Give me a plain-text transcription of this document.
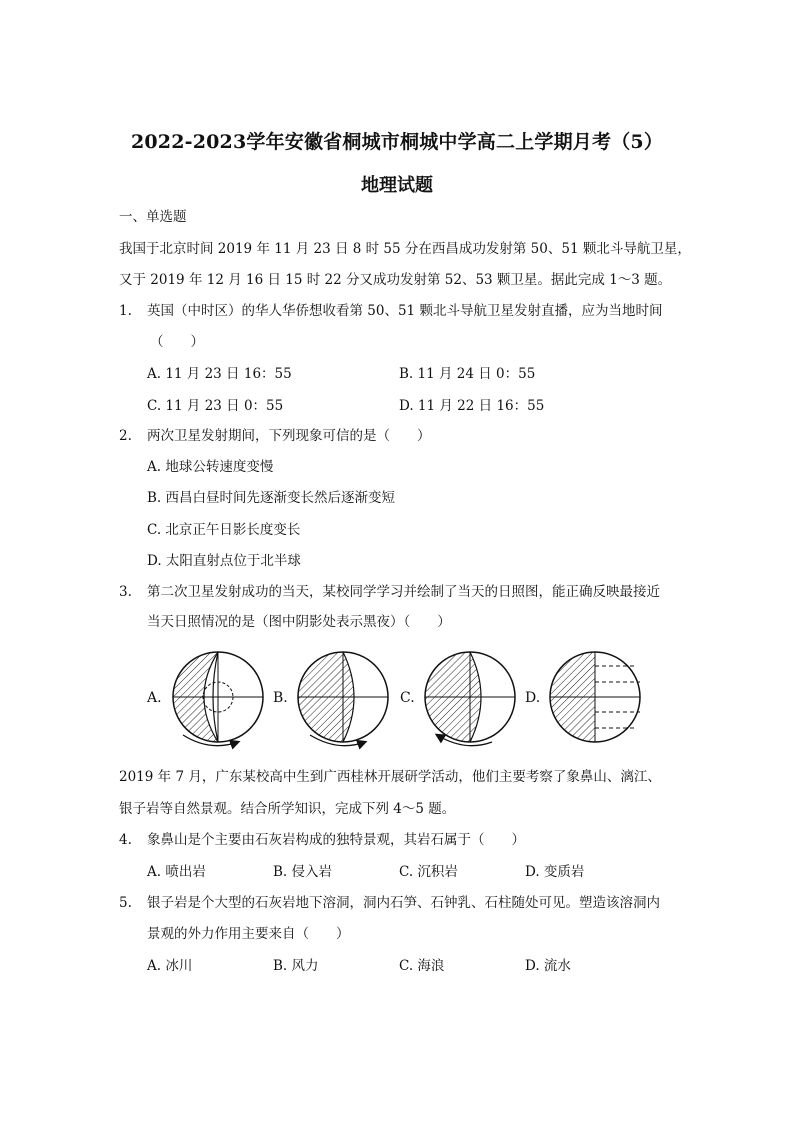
2022-2023学年安徽省桐城市桐城中学高二上学期月考（5）
地理试题
一、单选题
我国于北京时间 2019 年 11 月 23 日 8 时 55 分在西昌成功发射第 50、51 颗北斗导航卫星，
又于 2019 年 12 月 16 日 15 时 22 分又成功发射第 52、53 颗卫星。据此完成 1～3 题。
1. 英国（中时区）的华人华侨想收看第 50、51 颗北斗导航卫星发射直播，应为当地时间
（　　）
A. 11 月 23 日 16：55	B. 11 月 24 日 0：55
C. 11 月 23 日 0：55	D. 11 月 22 日 16：55
2. 两次卫星发射期间，下列现象可信的是（　　）
A. 地球公转速度变慢
B. 西昌白昼时间先逐渐变长然后逐渐变短
C. 北京正午日影长度变长
D. 太阳直射点位于北半球
3. 第二次卫星发射成功的当天，某校同学学习并绘制了当天的日照图，能正确反映最接近
当天日照情况的是（图中阴影处表示黑夜）（　　）
A.	B.	C.	D.
2019 年 7 月，广东某校高中生到广西桂林开展研学活动，他们主要考察了象鼻山、漓江、
银子岩等自然景观。结合所学知识，完成下列 4～5 题。
4. 象鼻山是个主要由石灰岩构成的独特景观，其岩石属于（　　）
A. 喷出岩	B. 侵入岩	C. 沉积岩	D. 变质岩
5. 银子岩是个大型的石灰岩地下溶洞，洞内石笋、石钟乳、石柱随处可见。塑造该溶洞内
景观的外力作用主要来自（　　）
A. 冰川	B. 风力	C. 海浪	D. 流水
